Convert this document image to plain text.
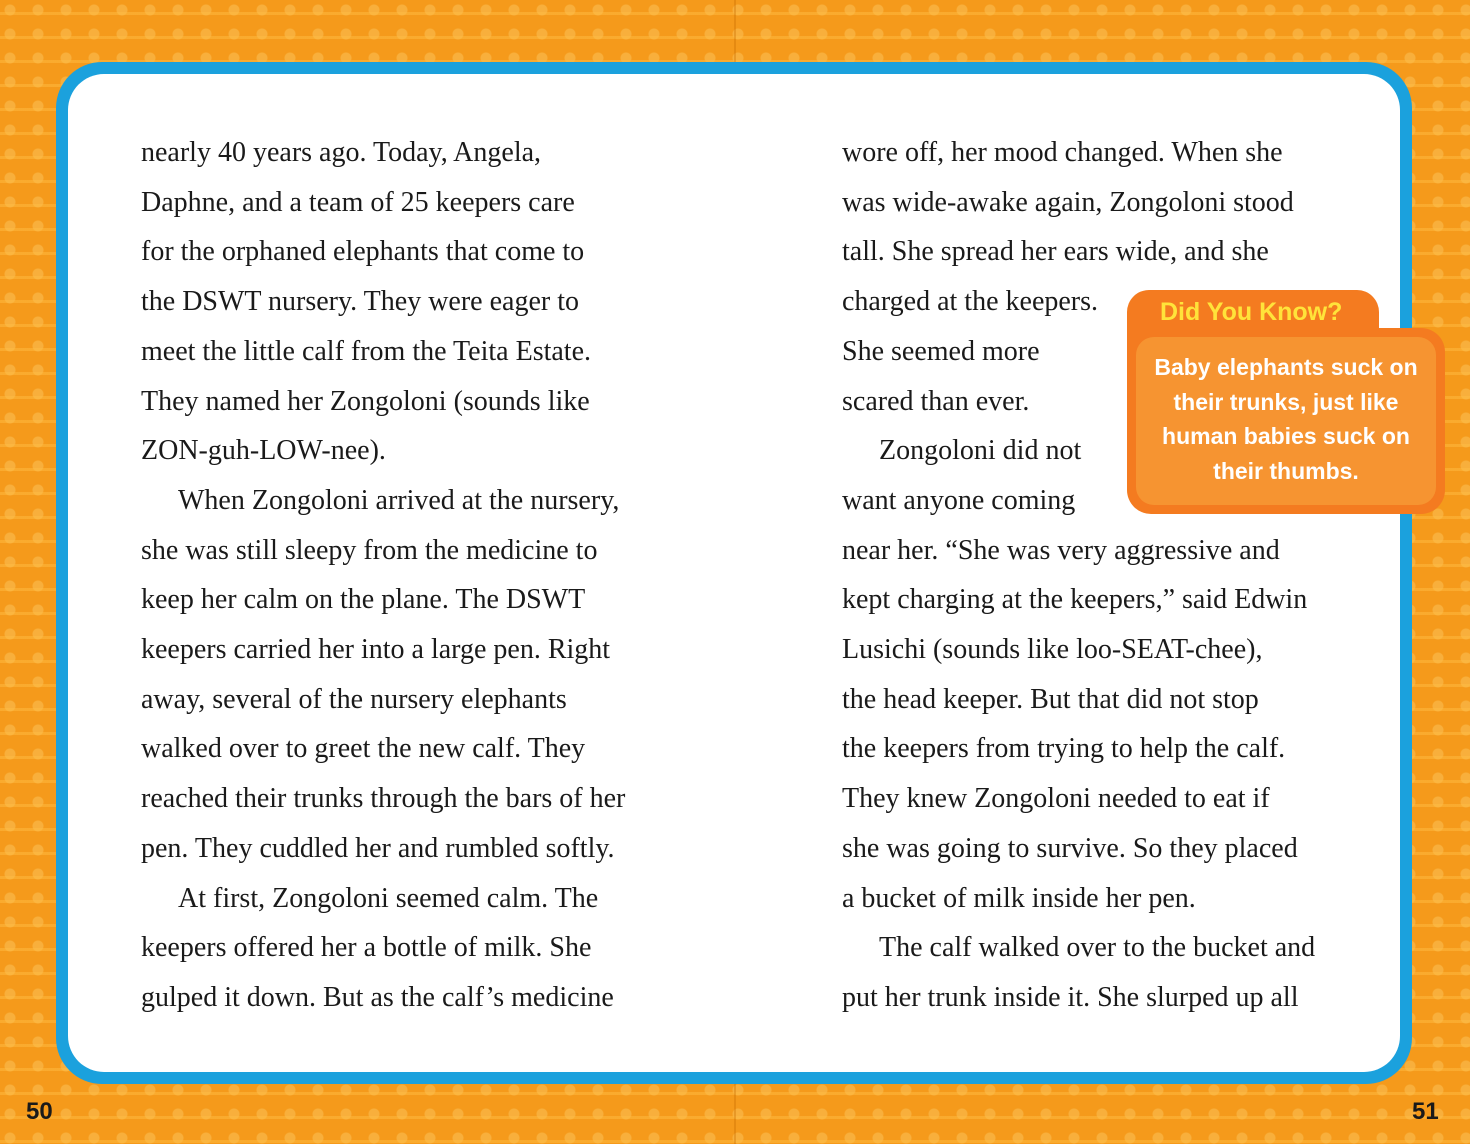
nearly 40 years ago. Today, Angela,
Daphne, and a team of 25 keepers care
for the orphaned elephants that come to
the DSWT nursery. They were eager to
meet the little calf from the Teita Estate.
They named her Zongoloni (sounds like
ZON-guh-LOW-nee).
When Zongoloni arrived at the nursery,
she was still sleepy from the medicine to
keep her calm on the plane. The DSWT
keepers carried her into a large pen. Right
away, several of the nursery elephants
walked over to greet the new calf. They
reached their trunks through the bars of her
pen. They cuddled her and rumbled softly.
At first, Zongoloni seemed calm. The
keepers offered her a bottle of milk. She
gulped it down. But as the calf’s medicine
wore off, her mood changed. When she
was wide-awake again, Zongoloni stood
tall. She spread her ears wide, and she
charged at the keepers.
She seemed more
scared than ever.
Zongoloni did not
want anyone coming
near her. “She was very aggressive and
kept charging at the keepers,” said Edwin
Lusichi (sounds like loo-SEAT-chee),
the head keeper. But that did not stop
the keepers from trying to help the calf.
They knew Zongoloni needed to eat if
she was going to survive. So they placed
a bucket of milk inside her pen.
The calf walked over to the bucket and
put her trunk inside it. She slurped up all
Did You Know?
Baby elephants suck on
their trunks, just like
human babies suck on
their thumbs.
50	51
